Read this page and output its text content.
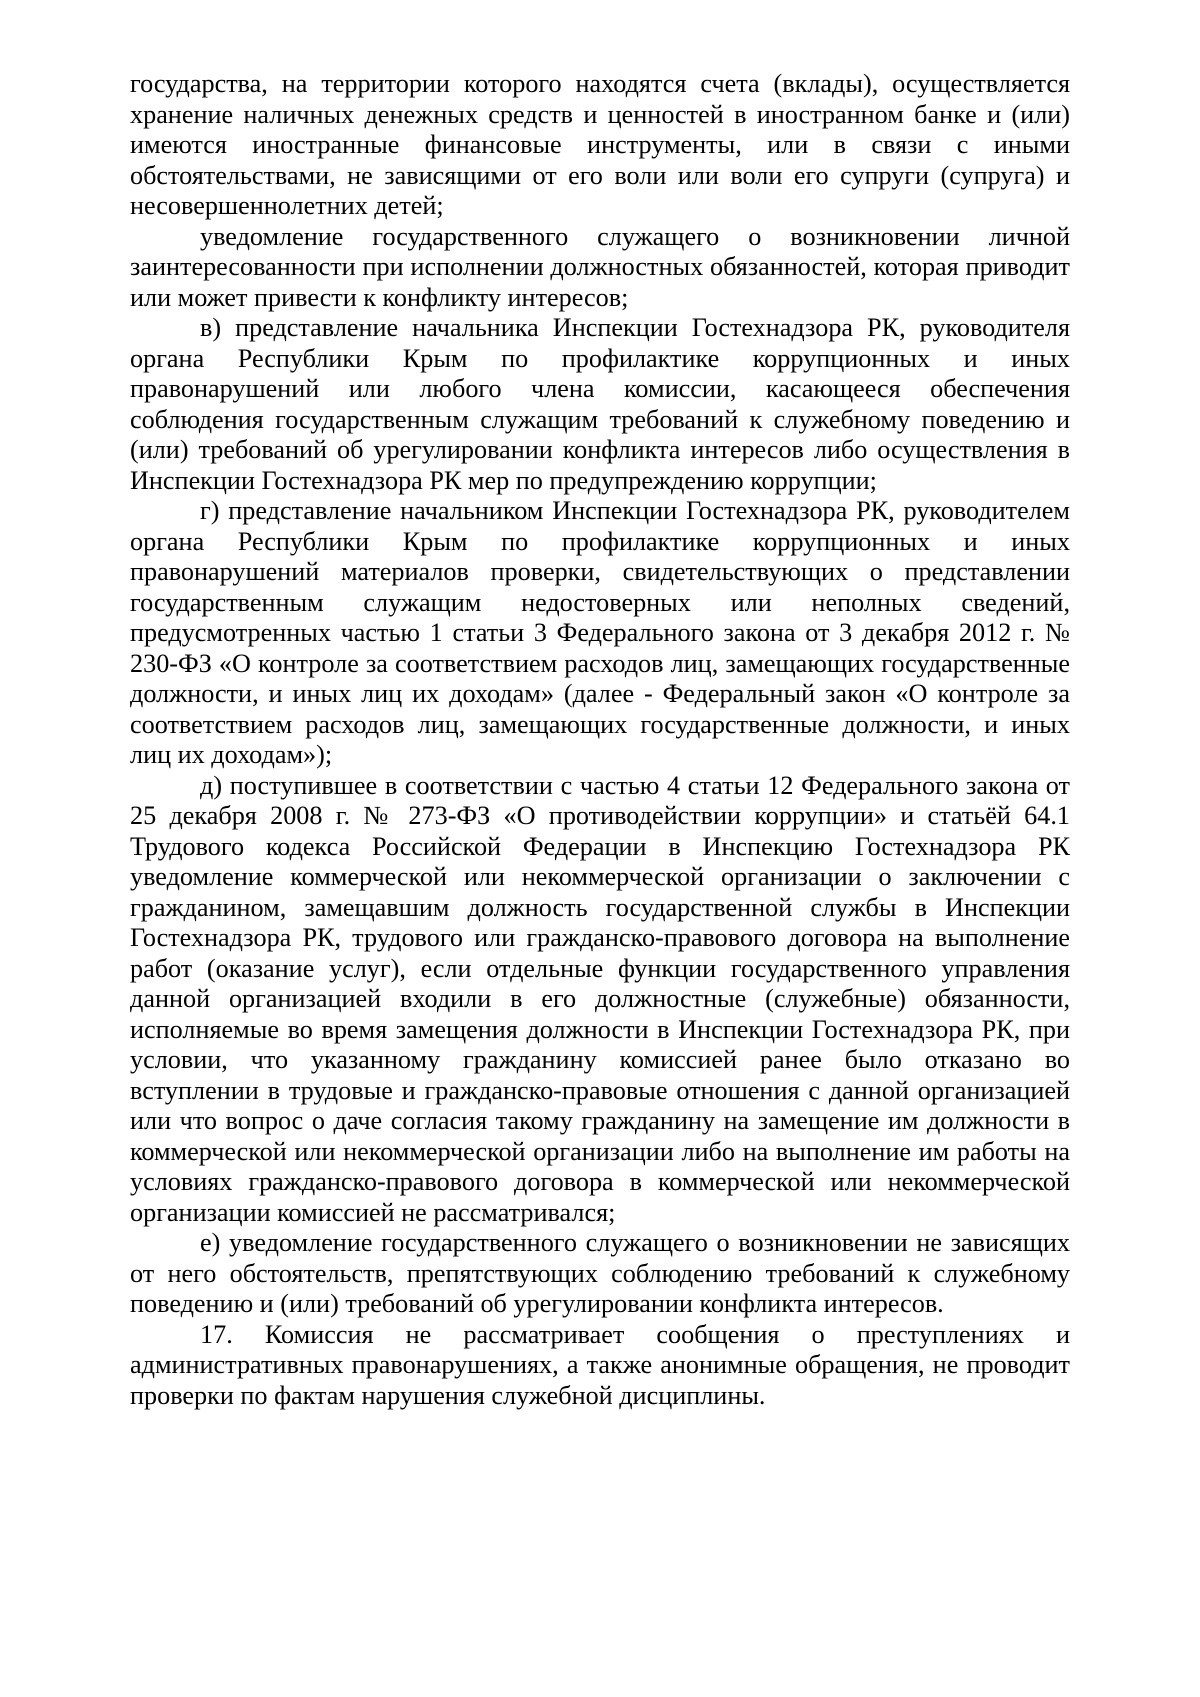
государства, на территории которого находятся счета (вклады), осуществляется хранение наличных денежных средств и ценностей в иностранном банке и (или) имеются иностранные финансовые инструменты, или в связи с иными обстоятельствами, не зависящими от его воли или воли его супруги (супруга) и несовершеннолетних детей;

уведомление государственного служащего о возникновении личной заинтересованности при исполнении должностных обязанностей, которая приводит или может привести к конфликту интересов;

в) представление начальника Инспекции Гостехнадзора РК, руководителя органа Республики Крым по профилактике коррупционных и иных правонарушений или любого члена комиссии, касающееся обеспечения соблюдения государственным служащим требований к служебному поведению и (или) требований об урегулировании конфликта интересов либо осуществления в Инспекции Гостехнадзора РК мер по предупреждению коррупции;

г) представление начальником Инспекции Гостехнадзора РК, руководителем органа Республики Крым по профилактике коррупционных и иных правонарушений материалов проверки, свидетельствующих о представлении государственным служащим недостоверных или неполных сведений, предусмотренных частью 1 статьи 3 Федерального закона от 3 декабря 2012 г. № 230-ФЗ «О контроле за соответствием расходов лиц, замещающих государственные должности, и иных лиц их доходам» (далее - Федеральный закон «О контроле за соответствием расходов лиц, замещающих государственные должности, и иных лиц их доходам»);

д) поступившее в соответствии с частью 4 статьи 12 Федерального закона от 25 декабря 2008 г. № 273-ФЗ «О противодействии коррупции» и статьёй 64.1 Трудового кодекса Российской Федерации в Инспекцию Гостехнадзора РК уведомление коммерческой или некоммерческой организации о заключении с гражданином, замещавшим должность государственной службы в Инспекции Гостехнадзора РК, трудового или гражданско-правового договора на выполнение работ (оказание услуг), если отдельные функции государственного управления данной организацией входили в его должностные (служебные) обязанности, исполняемые во время замещения должности в Инспекции Гостехнадзора РК, при условии, что указанному гражданину комиссией ранее было отказано во вступлении в трудовые и гражданско-правовые отношения с данной организацией или что вопрос о даче согласия такому гражданину на замещение им должности в коммерческой или некоммерческой организации либо на выполнение им работы на условиях гражданско-правового договора в коммерческой или некоммерческой организации комиссией не рассматривался;

е) уведомление государственного служащего о возникновении не зависящих от него обстоятельств, препятствующих соблюдению требований к служебному поведению и (или) требований об урегулировании конфликта интересов.

17. Комиссия не рассматривает сообщения о преступлениях и административных правонарушениях, а также анонимные обращения, не проводит проверки по фактам нарушения служебной дисциплины.
